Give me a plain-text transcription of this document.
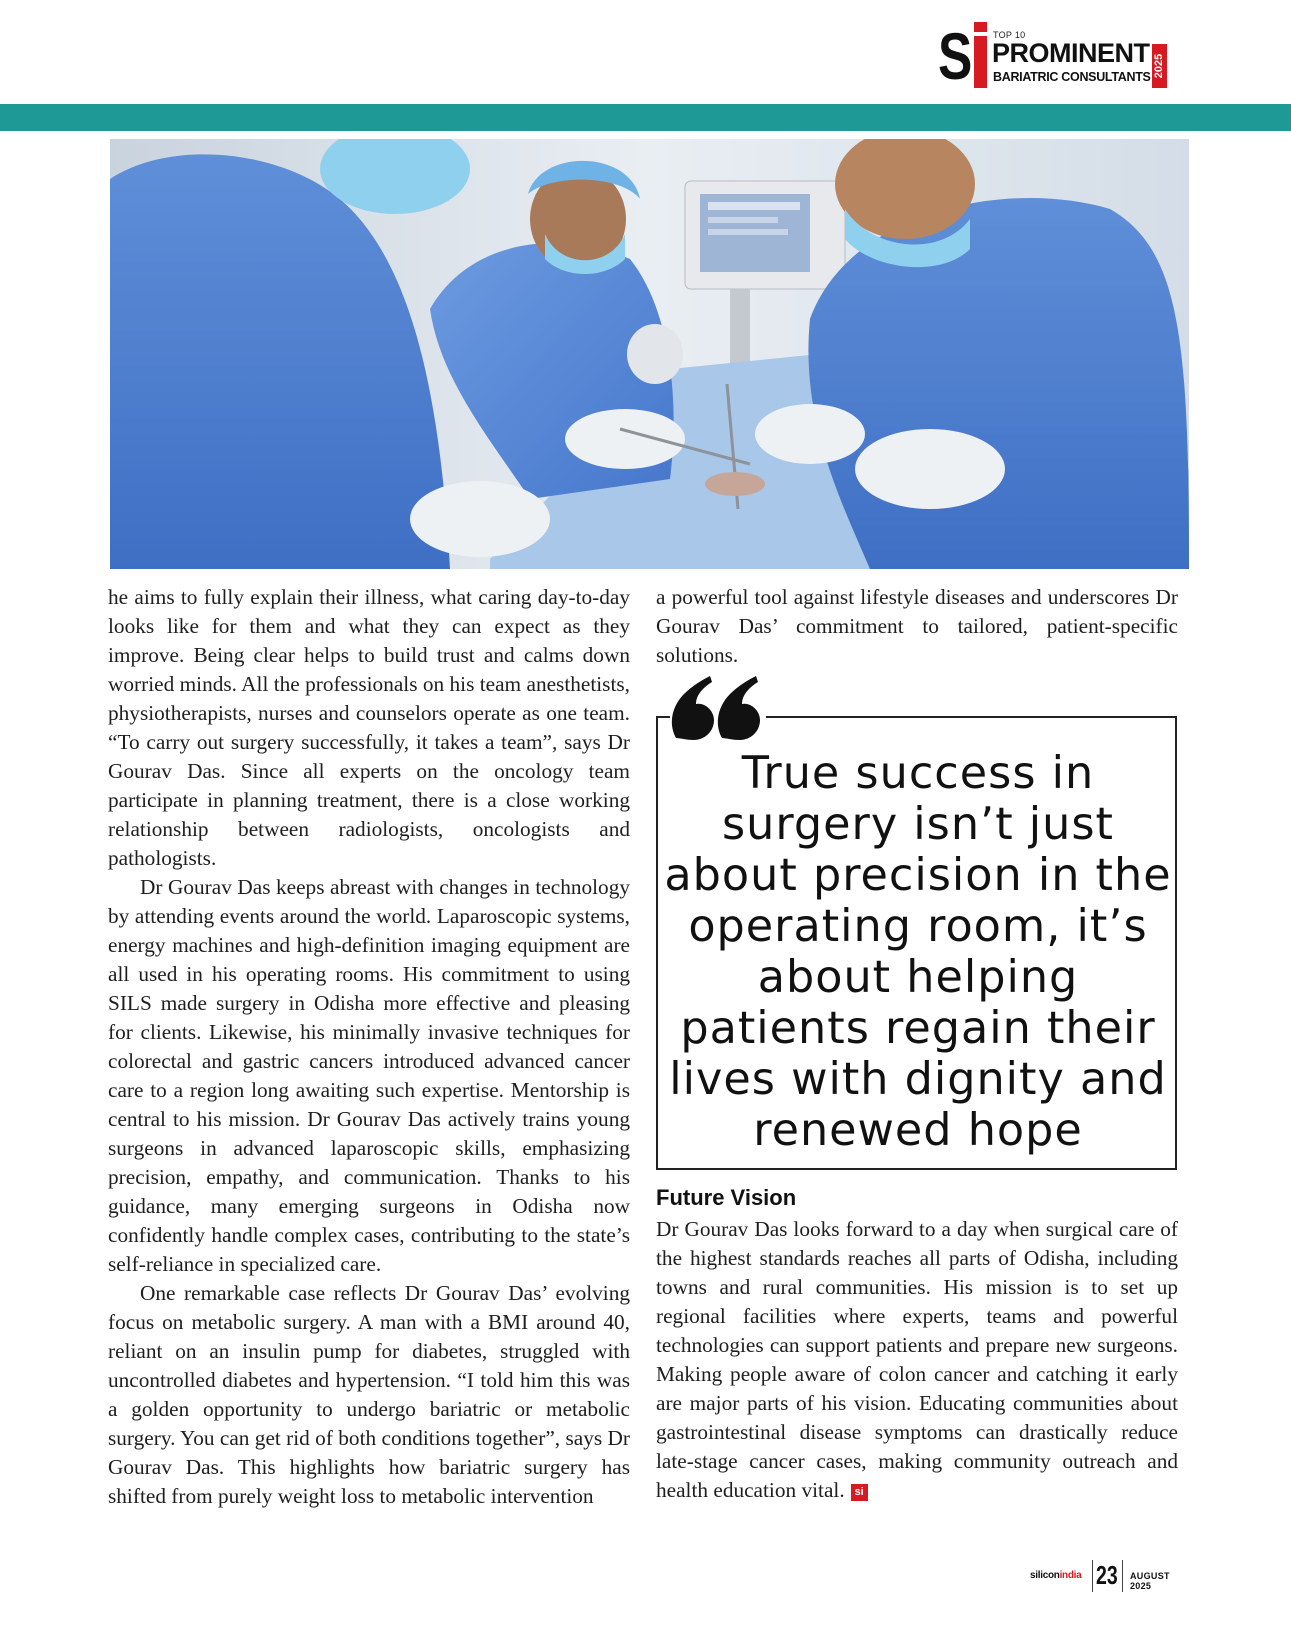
S TOP 10
PROMINENT
BARIATRIC CONSULTANTS 2025

he aims to fully explain their illness, what caring day-to-day looks like for them and what they can expect as they improve. Being clear helps to build trust and calms down worried minds. All the professionals on his team anesthetists, physiotherapists, nurses and counselors operate as one team. “To carry out surgery successfully, it takes a team”, says Dr Gourav Das. Since all experts on the oncology team participate in planning treatment, there is a close working relationship between radiologists, oncologists and pathologists.

Dr Gourav Das keeps abreast with changes in technology by attending events around the world. Laparoscopic systems, energy machines and high-definition imaging equipment are all used in his operating rooms. His commitment to using SILS made surgery in Odisha more effective and pleasing for clients. Likewise, his minimally invasive techniques for colorectal and gastric cancers introduced advanced cancer care to a region long awaiting such expertise. Mentorship is central to his mission. Dr Gourav Das actively trains young surgeons in advanced laparoscopic skills, emphasizing precision, empathy, and communication. Thanks to his guidance, many emerging surgeons in Odisha now confidently handle complex cases, contributing to the state’s self-reliance in specialized care.

One remarkable case reflects Dr Gourav Das’ evolving focus on metabolic surgery. A man with a BMI around 40, reliant on an insulin pump for diabetes, struggled with uncontrolled diabetes and hypertension. “I told him this was a golden opportunity to undergo bariatric or metabolic surgery. You can get rid of both conditions together”, says Dr Gourav Das. This highlights how bariatric surgery has shifted from purely weight loss to metabolic intervention

a powerful tool against lifestyle diseases and underscores Dr Gourav Das’ commitment to tailored, patient-specific solutions.

True success in surgery isn’t just about precision in the operating room, it’s about helping patients regain their lives with dignity and renewed hope
Future Vision

Dr Gourav Das looks forward to a day when surgical care of the highest standards reaches all parts of Odisha, including towns and rural communities. His mission is to set up regional facilities where experts, teams and powerful technologies can support patients and prepare new surgeons. Making people aware of colon cancer and catching it early are major parts of his vision. Educating communities about gastrointestinal disease symptoms can drastically reduce late-stage cancer cases, making community outreach and health education vital. si

siliconindia 23 AUGUST 2025
